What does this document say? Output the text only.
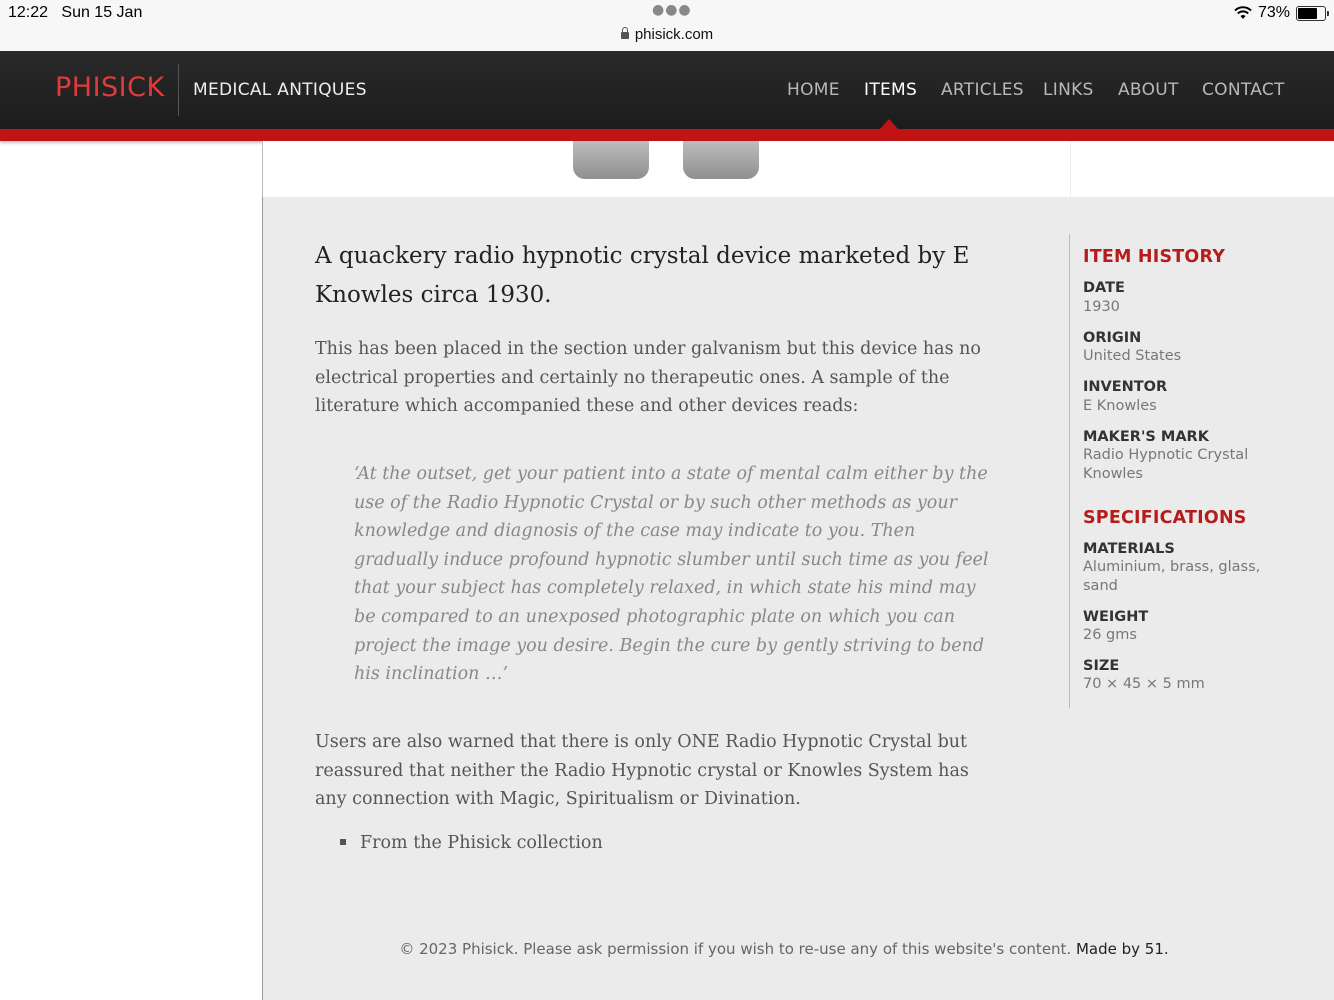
12:22 Sun 15 Jan	●●●
phisick.com
73%
PHISICK MEDICAL ANTIQUES	HOME ITEMS ARTICLES LINKS ABOUT CONTACT
A quackery radio hypnotic crystal device marketed by E Knowles circa 1930.
This has been placed in the section under galvanism but this device has no electrical properties and certainly no therapeutic ones. A sample of the literature which accompanied these and other devices reads:
‘At the outset, get your patient into a state of mental calm either by the use of the Radio Hypnotic Crystal or by such other methods as your knowledge and diagnosis of the case may indicate to you. Then gradually induce profound hypnotic slumber until such time as you feel that your subject has completely relaxed, in which state his mind may be compared to an unexposed photographic plate on which you can project the image you desire. Begin the cure by gently striving to bend his inclination …’
Users are also warned that there is only ONE Radio Hypnotic Crystal but reassured that neither the Radio Hypnotic crystal or Knowles System has any connection with Magic, Spiritualism or Divination.
From the Phisick collection
ITEM HISTORY
DATE
1930
ORIGIN
United States
INVENTOR
E Knowles
MAKER'S MARK
Radio Hypnotic Crystal Knowles
SPECIFICATIONS
MATERIALS
Aluminium, brass, glass, sand
WEIGHT
26 gms
SIZE
70 × 45 × 5 mm
© 2023 Phisick. Please ask permission if you wish to re-use any of this website's content. Made by 51.
